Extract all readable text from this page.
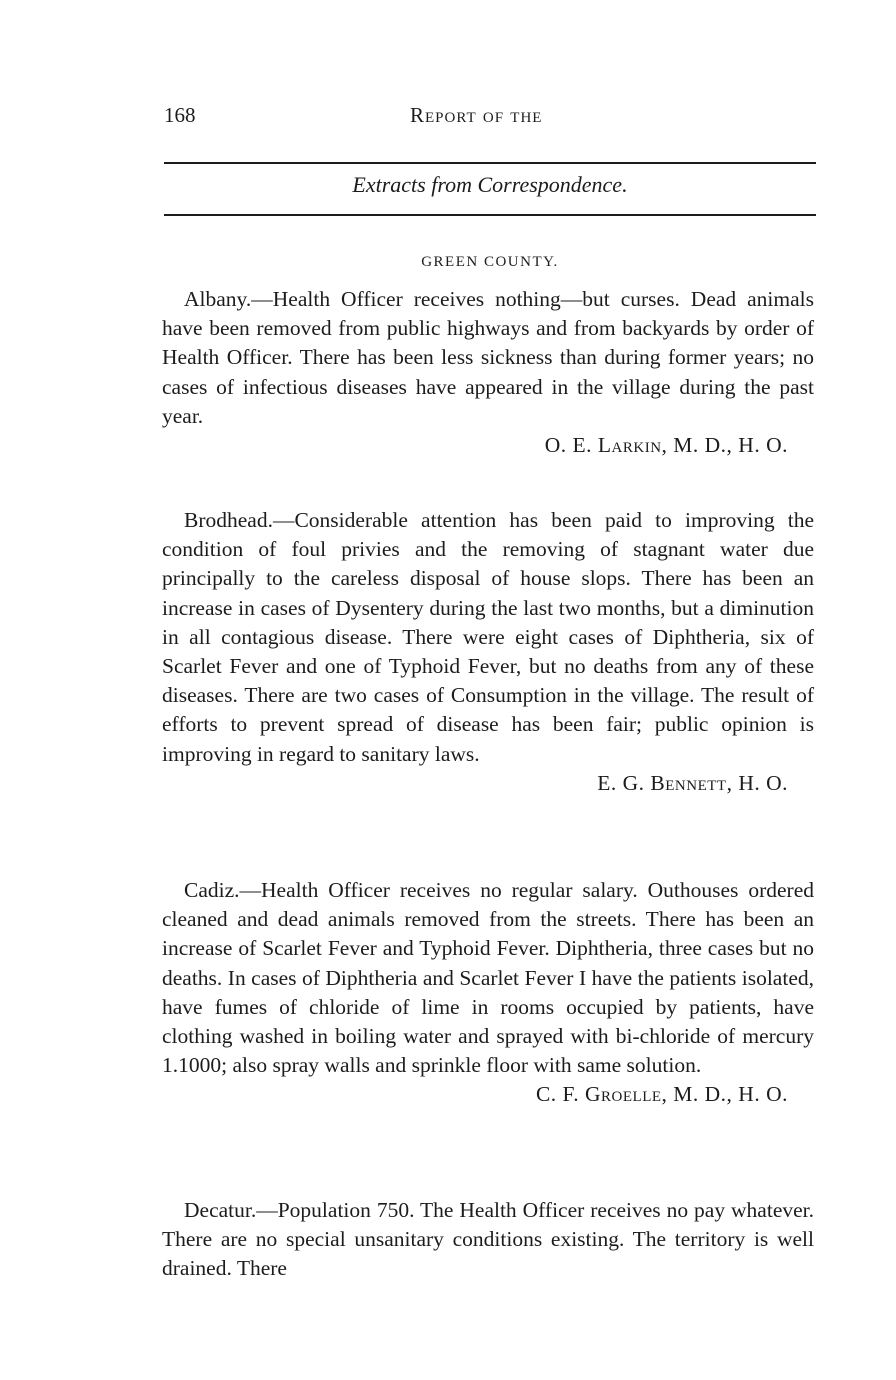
168	Report of the
Extracts from Correspondence.
GREEN COUNTY.

Albany.—Health Officer receives nothing—but curses. Dead animals have been removed from public highways and from backyards by order of Health Officer. There has been less sickness than during former years; no cases of infectious diseases have appeared in the village during the past year.

O. E. Larkin, M. D., H. O.

Brodhead.—Considerable attention has been paid to improving the condition of foul privies and the removing of stagnant water due principally to the careless disposal of house slops. There has been an increase in cases of Dysentery during the last two months, but a diminution in all contagious disease. There were eight cases of Diphtheria, six of Scarlet Fever and one of Typhoid Fever, but no deaths from any of these diseases. There are two cases of Consumption in the village. The result of efforts to prevent spread of disease has been fair; public opinion is improving in regard to sanitary laws.

E. G. Bennett, H. O.

Cadiz.—Health Officer receives no regular salary. Outhouses ordered cleaned and dead animals removed from the streets. There has been an increase of Scarlet Fever and Typhoid Fever. Diphtheria, three cases but no deaths. In cases of Diphtheria and Scarlet Fever I have the patients isolated, have fumes of chloride of lime in rooms occupied by patients, have clothing washed in boiling water and sprayed with bi-chloride of mercury 1.1000; also spray walls and sprinkle floor with same solution.

C. F. Groelle, M. D., H. O.

Decatur.—Population 750. The Health Officer receives no pay whatever. There are no special unsanitary conditions existing. The territory is well drained. There
